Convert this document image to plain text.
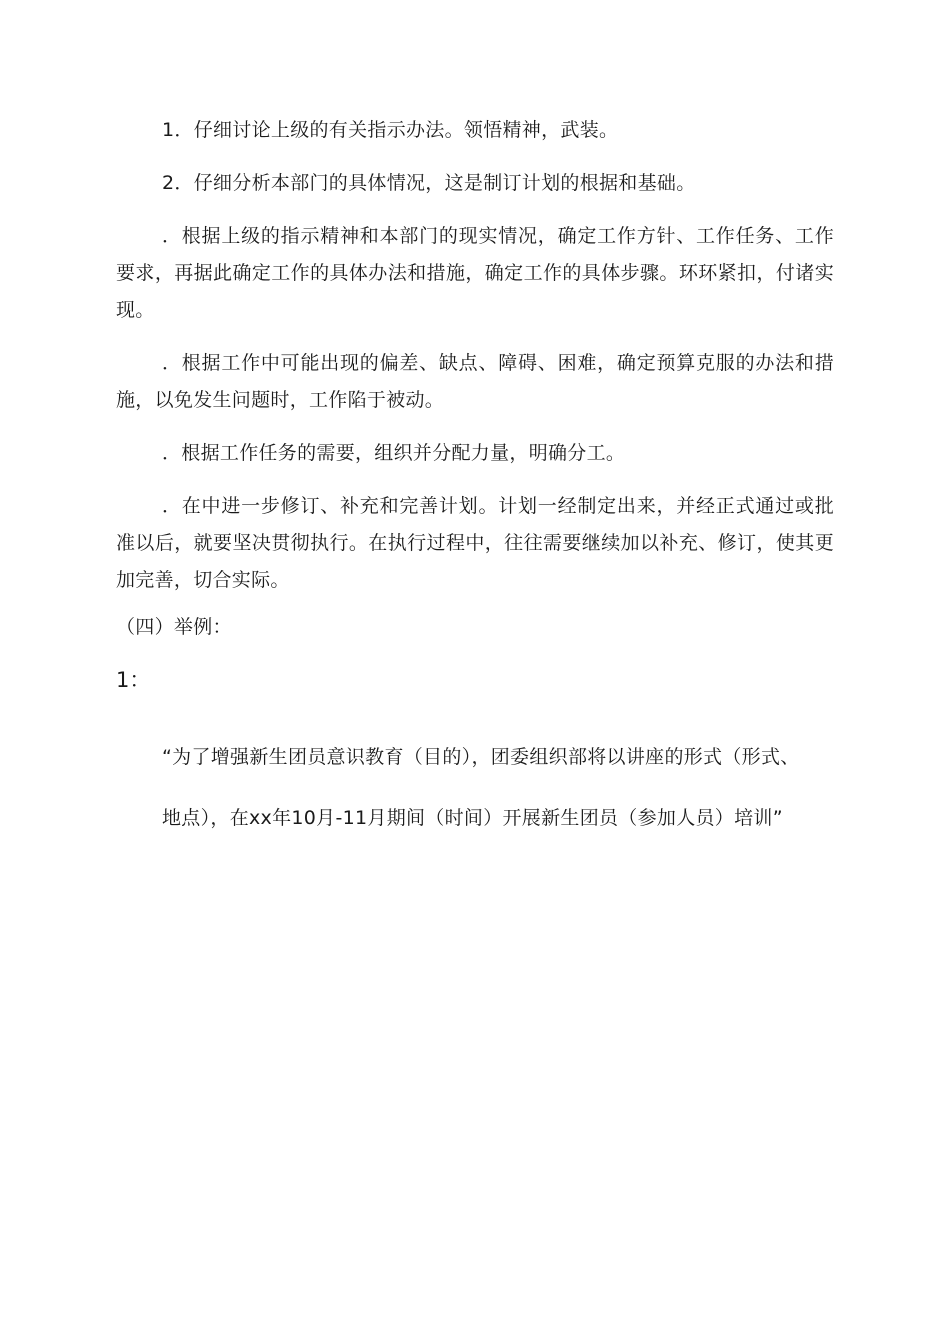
1．仔细讨论上级的有关指示办法。领悟精神，武装。

2．仔细分析本部门的具体情况，这是制订计划的根据和基础。

．根据上级的指示精神和本部门的现实情况，确定工作方针、工作任务、工作要求，再据此确定工作的具体办法和措施，确定工作的具体步骤。环环紧扣，付诸实现。

．根据工作中可能出现的偏差、缺点、障碍、困难，确定预算克服的办法和措施，以免发生问题时，工作陷于被动。

．根据工作任务的需要，组织并分配力量，明确分工。

．在中进一步修订、补充和完善计划。计划一经制定出来，并经正式通过或批准以后，就要坚决贯彻执行。在执行过程中，往往需要继续加以补充、修订，使其更加完善，切合实际。

（四）举例：

1：

“为了增强新生团员意识教育（目的），团委组织部将以讲座的形式（形式、

地点），在xx年10月-11月期间（时间）开展新生团员（参加人员）培训”
